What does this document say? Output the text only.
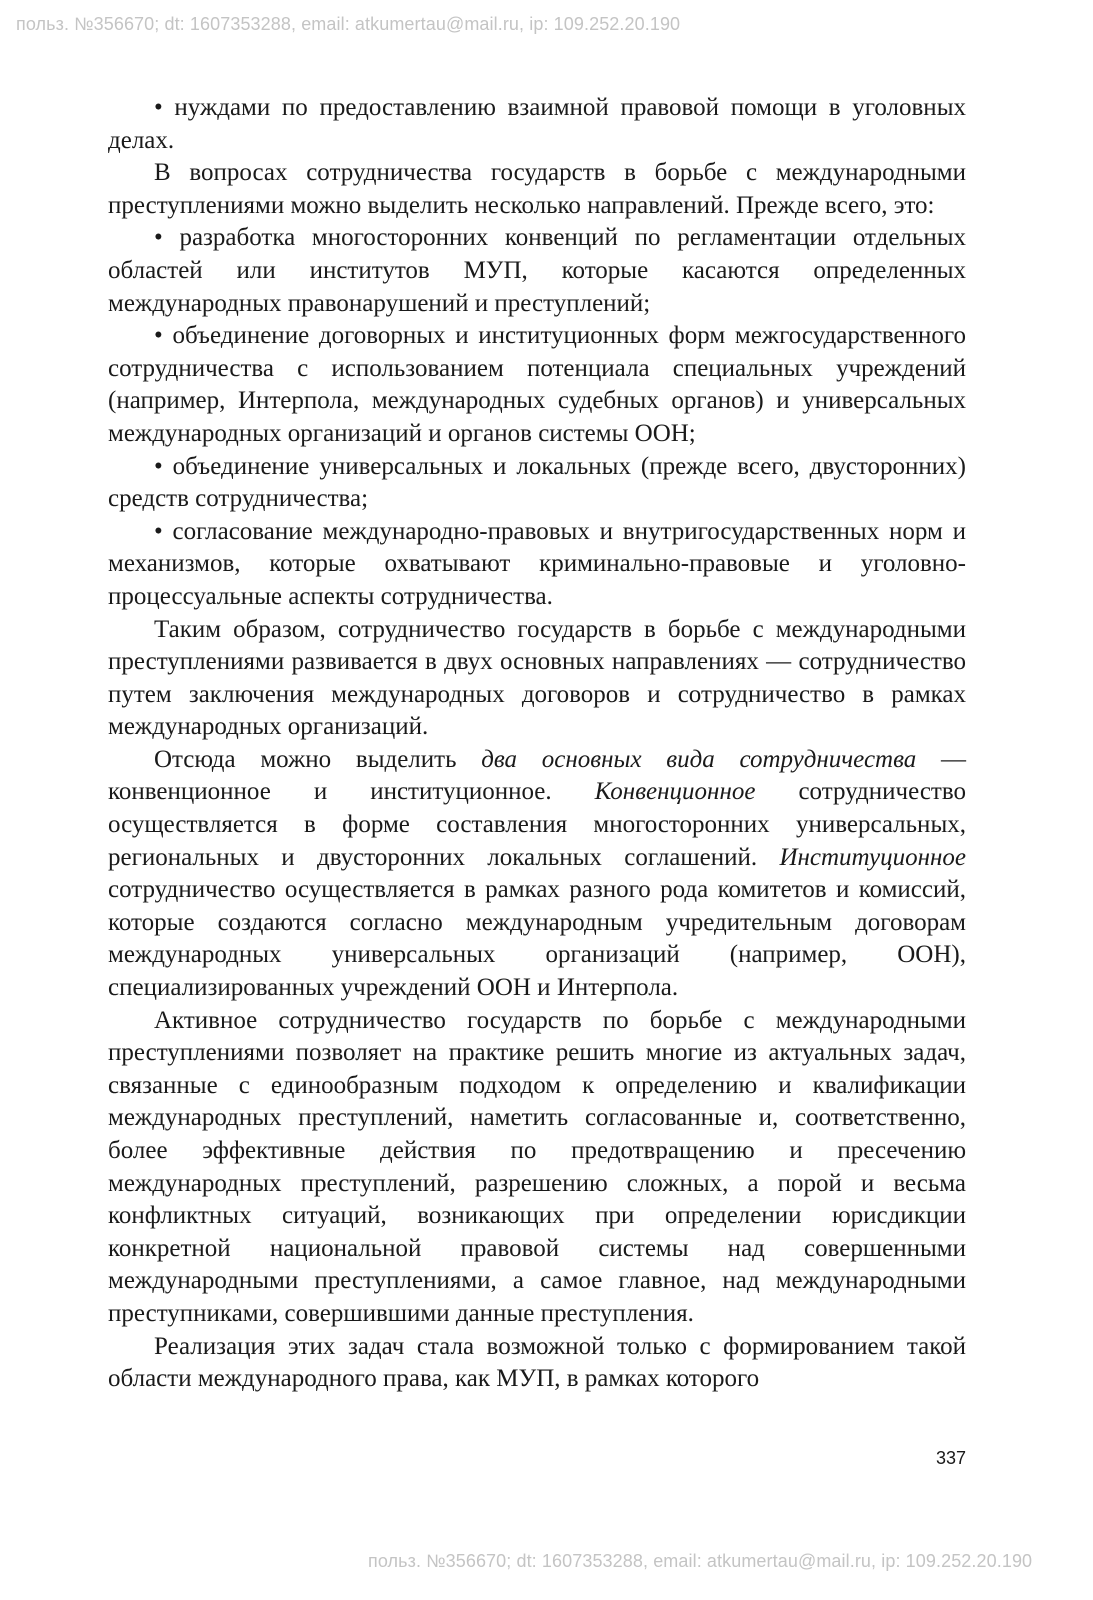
польз. №356670; dt: 1607353288, email: atkumertau@mail.ru, ip: 109.252.20.190

• нуждами по предоставлению взаимной правовой помощи в уголовных делах.

В вопросах сотрудничества государств в борьбе с международными преступлениями можно выделить несколько направлений. Прежде всего, это:

• разработка многосторонних конвенций по регламентации отдельных областей или институтов МУП, которые касаются определенных международных правонарушений и преступлений;

• объединение договорных и институционных форм межгосударственного сотрудничества с использованием потенциала специальных учреждений (например, Интерпола, международных судебных органов) и универсальных международных организаций и органов системы ООН;

• объединение универсальных и локальных (прежде всего, двусторонних) средств сотрудничества;

• согласование международно-правовых и внутригосударственных норм и механизмов, которые охватывают криминально-правовые и уголовно-процессуальные аспекты сотрудничества.

Таким образом, сотрудничество государств в борьбе с международными преступлениями развивается в двух основных направлениях — сотрудничество путем заключения международных договоров и сотрудничество в рамках международных организаций.

Отсюда можно выделить два основных вида сотрудничества — конвенционное и институционное. Конвенционное сотрудничество осуществляется в форме составления многосторонних универсальных, региональных и двусторонних локальных соглашений. Институционное сотрудничество осуществляется в рамках разного рода комитетов и комиссий, которые создаются согласно международным учредительным договорам международных универсальных организаций (например, ООН), специализированных учреждений ООН и Интерпола.

Активное сотрудничество государств по борьбе с международными преступлениями позволяет на практике решить многие из актуальных задач, связанные с единообразным подходом к определению и квалификации международных преступлений, наметить согласованные и, соответственно, более эффективные действия по предотвращению и пресечению международных преступлений, разрешению сложных, а порой и весьма конфликтных ситуаций, возникающих при определении юрисдикции конкретной национальной правовой системы над совершенными международными преступлениями, а самое главное, над международными преступниками, совершившими данные преступления.

Реализация этих задач стала возможной только с формированием такой области международного права, как МУП, в рамках которого

337
польз. №356670; dt: 1607353288, email: atkumertau@mail.ru, ip: 109.252.20.190
